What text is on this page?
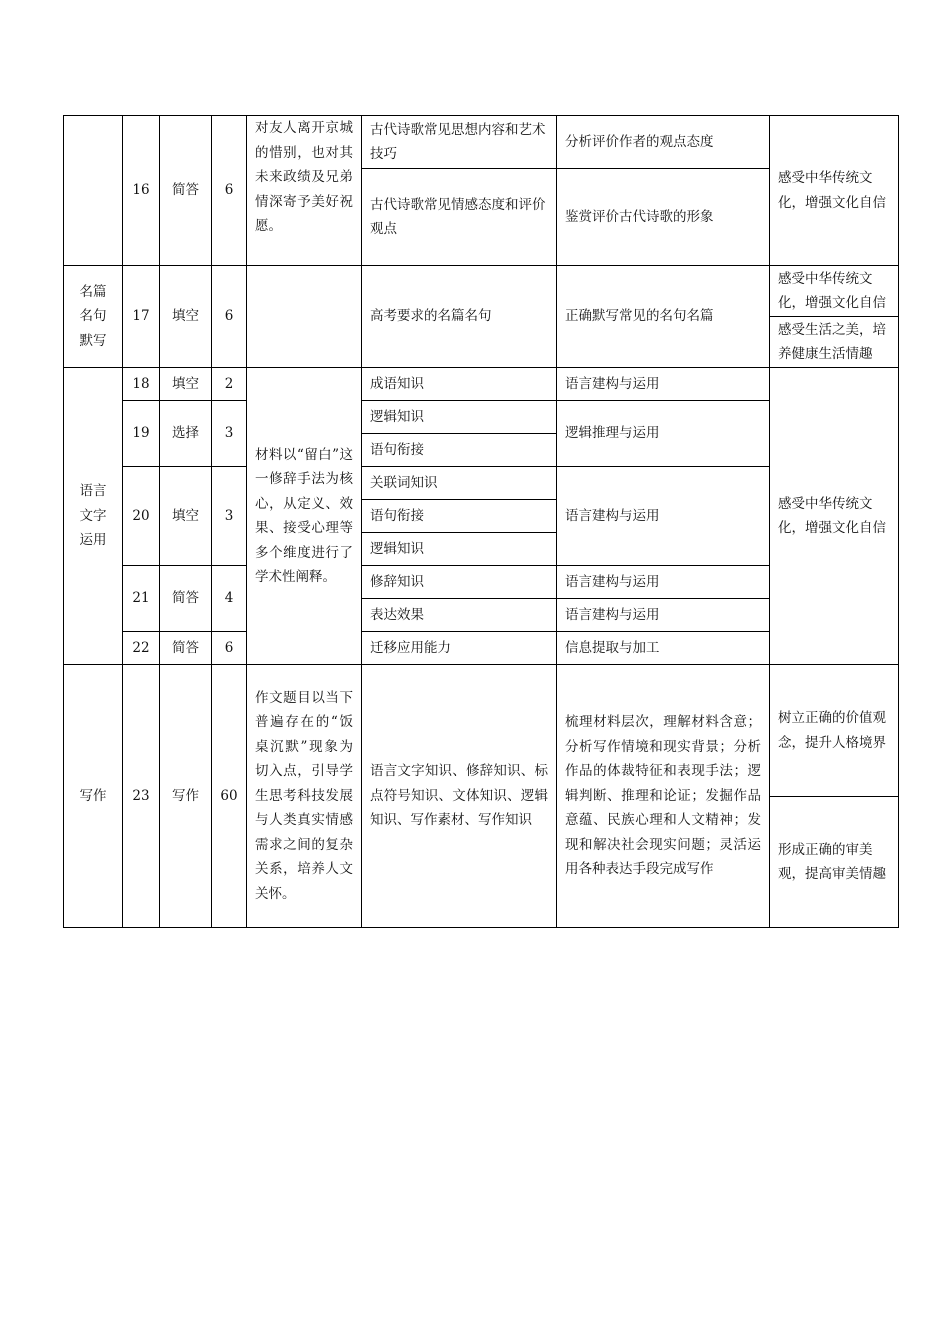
	16	简答	6	对友人离开京城的惜别，也对其未来政绩及兄弟情深寄予美好祝愿。	古代诗歌常见思想内容和艺术技巧	分析评价作者的观点态度	感受中华传统文化，增强文化自信
					古代诗歌常见情感态度和评价观点	鉴赏评价古代诗歌的形象	
名篇名句默写	17	填空	6		高考要求的名篇名句	正确默写常见的名句名篇	感受中华传统文化，增强文化自信
							感受生活之美，培养健康生活情趣
语言文字运用	18	填空	2	材料以“留白”这一修辞手法为核心，从定义、效果、接受心理等多个维度进行了学术性阐释。	成语知识	语言建构与运用	感受中华传统文化，增强文化自信
	19	选择	3		逻辑知识	逻辑推理与运用	
					语句衔接		
	20	填空	3		关联词知识	语言建构与运用	
					语句衔接		
					逻辑知识		
	21	简答	4		修辞知识	语言建构与运用	
					表达效果	语言建构与运用	
	22	简答	6		迁移应用能力	信息提取与加工	
写作	23	写作	60	作文题目以当下普遍存在的“饭桌沉默”现象为切入点，引导学生思考科技发展与人类真实情感需求之间的复杂关系，培养人文关怀。	语言文字知识、修辞知识、标点符号知识、文体知识、逻辑知识、写作素材、写作知识	梳理材料层次，理解材料含意；分析写作情境和现实背景；分析作品的体裁特征和表现手法；逻辑判断、推理和论证；发掘作品意蕴、民族心理和人文精神；发现和解决社会现实问题；灵活运用各种表达手段完成写作	树立正确的价值观念，提升人格境界
							形成正确的审美观，提高审美情趣
